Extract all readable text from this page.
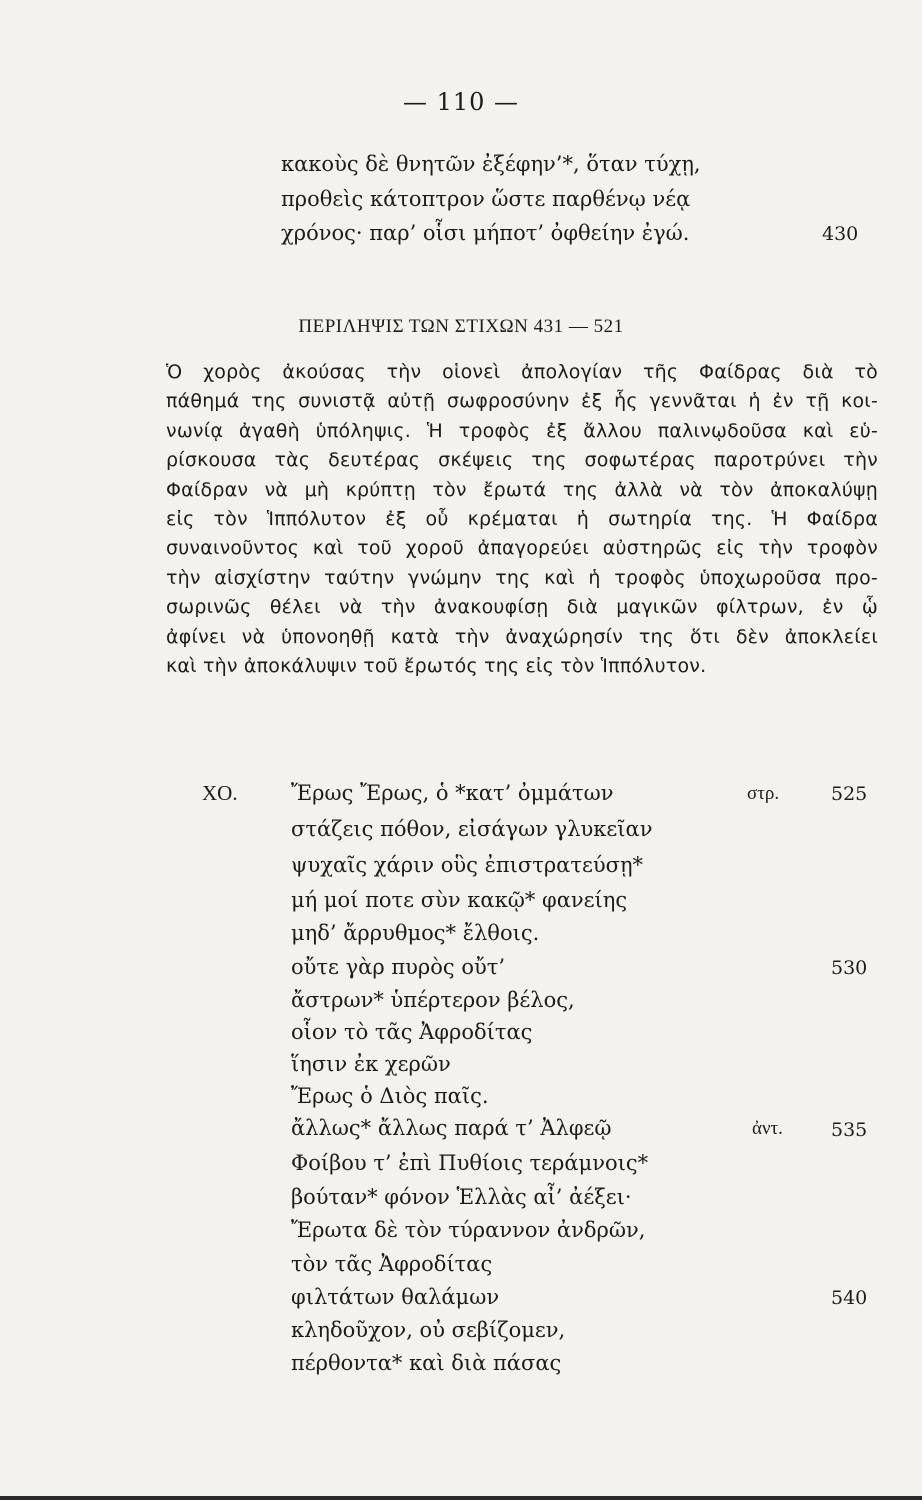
— 110 —
κακοὺς δὲ θνητῶν ἐξέφην’*, ὅταν τύχῃ,
προθεὶς κάτοπτρον ὥστε παρθένῳ νέᾳ
χρόνος· παρ’ οἷσι μήποτ’ ὀφθείην ἐγώ.	430
ΠΕΡΙΛΗΨΙΣ ΤΩΝ ΣΤΙΧΩΝ 431 — 521
Ὁ χορὸς ἀκούσας τὴν οἱονεὶ ἀπολογίαν τῆς Φαίδρας διὰ τὸ
πάθημά της συνιστᾷ αὐτῇ σωφροσύνην ἐξ ἧς γεννᾶται ἡ ἐν τῇ κοι-
νωνίᾳ ἀγαθὴ ὑπόληψις. Ἡ τροφὸς ἐξ ἄλλου παλινῳδοῦσα καὶ εὑ-
ρίσκουσα τὰς δευτέρας σκέψεις της σοφωτέρας παροτρύνει τὴν
Φαίδραν νὰ μὴ κρύπτῃ τὸν ἔρωτά της ἀλλὰ νὰ τὸν ἀποκαλύψῃ
εἰς τὸν Ἱππόλυτον ἐξ οὗ κρέμαται ἡ σωτηρία της. Ἡ Φαίδρα
συναινοῦντος καὶ τοῦ χοροῦ ἀπαγορεύει αὐστηρῶς εἰς τὴν τροφὸν
τὴν αἰσχίστην ταύτην γνώμην της καὶ ἡ τροφὸς ὑποχωροῦσα προ-
σωρινῶς θέλει νὰ τὴν ἀνακουφίσῃ διὰ μαγικῶν φίλτρων, ἐν ᾧ
ἀφίνει νὰ ὑπονοηθῇ κατὰ τὴν ἀναχώρησίν της ὅτι δὲν ἀποκλείει
καὶ τὴν ἀποκάλυψιν τοῦ ἔρωτός της εἰς τὸν Ἱππόλυτον.
ΧΟ.	Ἔρως Ἔρως, ὁ *κατ’ ὀμμάτων	στρ.	525
στάζεις πόθον, εἰσάγων γλυκεῖαν
ψυχαῖς χάριν οὓς ἐπιστρατεύσῃ*
μή μοί ποτε σὺν κακῷ* φανείης
μηδ’ ἄρρυθμος* ἔλθοις.
οὔτε γὰρ πυρὸς οὔτ’	530
ἄστρων* ὑπέρτερον βέλος,
οἷον τὸ τᾶς Ἀφροδίτας
ἵησιν ἐκ χερῶν
Ἔρως ὁ Διὸς παῖς.
ἄλλως* ἄλλως παρά τ’ Ἀλφεῷ	ἀντ.	535
Φοίβου τ’ ἐπὶ Πυθίοις τεράμνοις*
βούταν* φόνον Ἑλλὰς αἶ’ ἀέξει·
Ἔρωτα δὲ τὸν τύραννον ἀνδρῶν,
τὸν τᾶς Ἀφροδίτας
φιλτάτων θαλάμων	540
κληδοῦχον, οὐ σεβίζομεν,
πέρθοντα* καὶ διὰ πάσας
